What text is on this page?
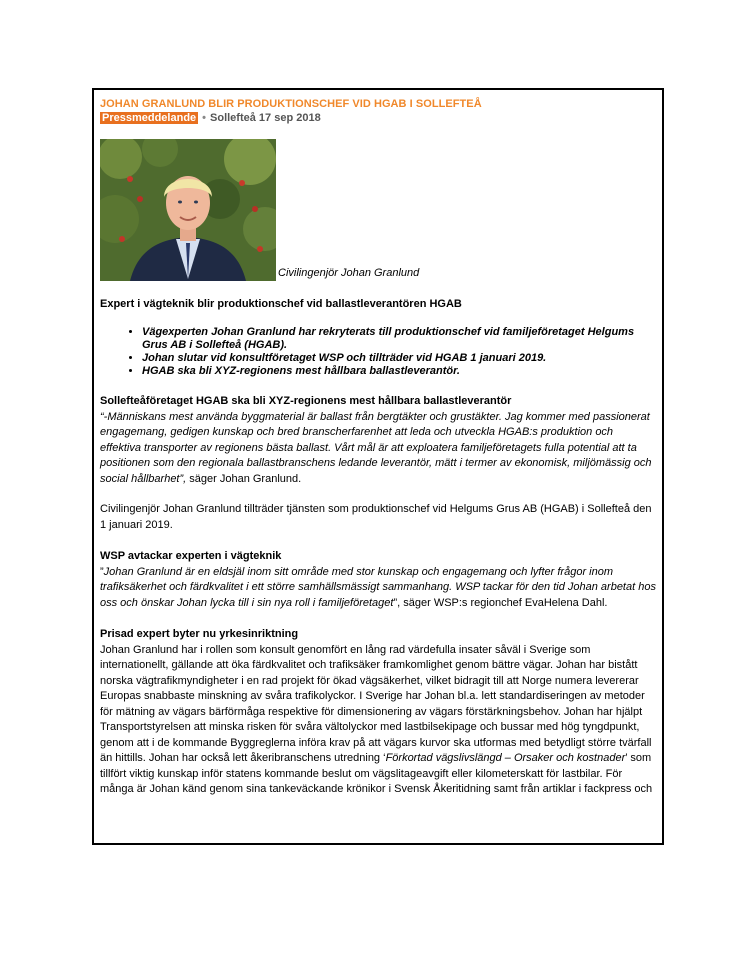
JOHAN GRANLUND BLIR PRODUKTIONSCHEF VID HGAB I SOLLEFTEÅ
Pressmeddelande • Sollefteå 17 sep 2018
Civilingenjör Johan Granlund
Expert i vägteknik blir produktionschef vid ballastleverantören HGAB
• Vägexperten Johan Granlund har rekryterats till produktionschef vid familjeföretaget Helgums Grus AB i Sollefteå (HGAB).
• Johan slutar vid konsultföretaget WSP och tillträder vid HGAB 1 januari 2019.
• HGAB ska bli XYZ-regionens mest hållbara ballastleverantör.
Sollefteåföretaget HGAB ska bli XYZ-regionens mest hållbara ballastleverantör
“-Människans mest använda byggmaterial är ballast från bergtäkter och grustäkter. Jag kommer med passionerat engagemang, gedigen kunskap och bred branscherfarenhet att leda och utveckla HGAB:s produktion och effektiva transporter av regionens bästa ballast. Vårt mål är att exploatera familjeföretagets fulla potential att ta positionen som den regionala ballastbranschens ledande leverantör, mätt i termer av ekonomisk, miljömässig och social hållbarhet”, säger Johan Granlund.
Civilingenjör Johan Granlund tillträder tjänsten som produktionschef vid Helgums Grus AB (HGAB) i Sollefteå den 1 januari 2019.
WSP avtackar experten i vägteknik
”Johan Granlund är en eldsjäl inom sitt område med stor kunskap och engagemang och lyfter frågor inom trafiksäkerhet och färdkvalitet i ett större samhällsmässigt sammanhang. WSP tackar för den tid Johan arbetat hos oss och önskar Johan lycka till i sin nya roll i familjeföretaget”, säger WSP:s regionchef EvaHelena Dahl.
Prisad expert byter nu yrkesinriktning
Johan Granlund har i rollen som konsult genomfört en lång rad värdefulla insater såväl i Sverige som internationellt, gällande att öka färdkvalitet och trafiksäker framkomlighet genom bättre vägar. Johan har bistått norska vägtrafikmyndigheter i en rad projekt för ökad vägsäkerhet, vilket bidragit till att Norge numera levererar Europas snabbaste minskning av svåra trafikolyckor. I Sverige har Johan bl.a. lett standardiseringen av metoder för mätning av vägars bärförmåga respektive för dimensionering av vägars förstärkningsbehov. Johan har hjälpt Transportstyrelsen att minska risken för svåra vältolyckor med lastbilsekipage och bussar med hög tyngdpunkt, genom att i de kommande Byggreglerna införa krav på att vägars kurvor ska utformas med betydligt större tvärfall än hittills. Johan har också lett åkeribranschens utredning ‘Förkortad vägslivslängd – Orsaker och kostnader’ som tillfört viktig kunskap inför statens kommande beslut om vägslitageavgift eller kilometerskatt för lastbilar. För många är Johan känd genom sina tankeväckande krönikor i Svensk Åkeritidning samt från artiklar i fackpress och
